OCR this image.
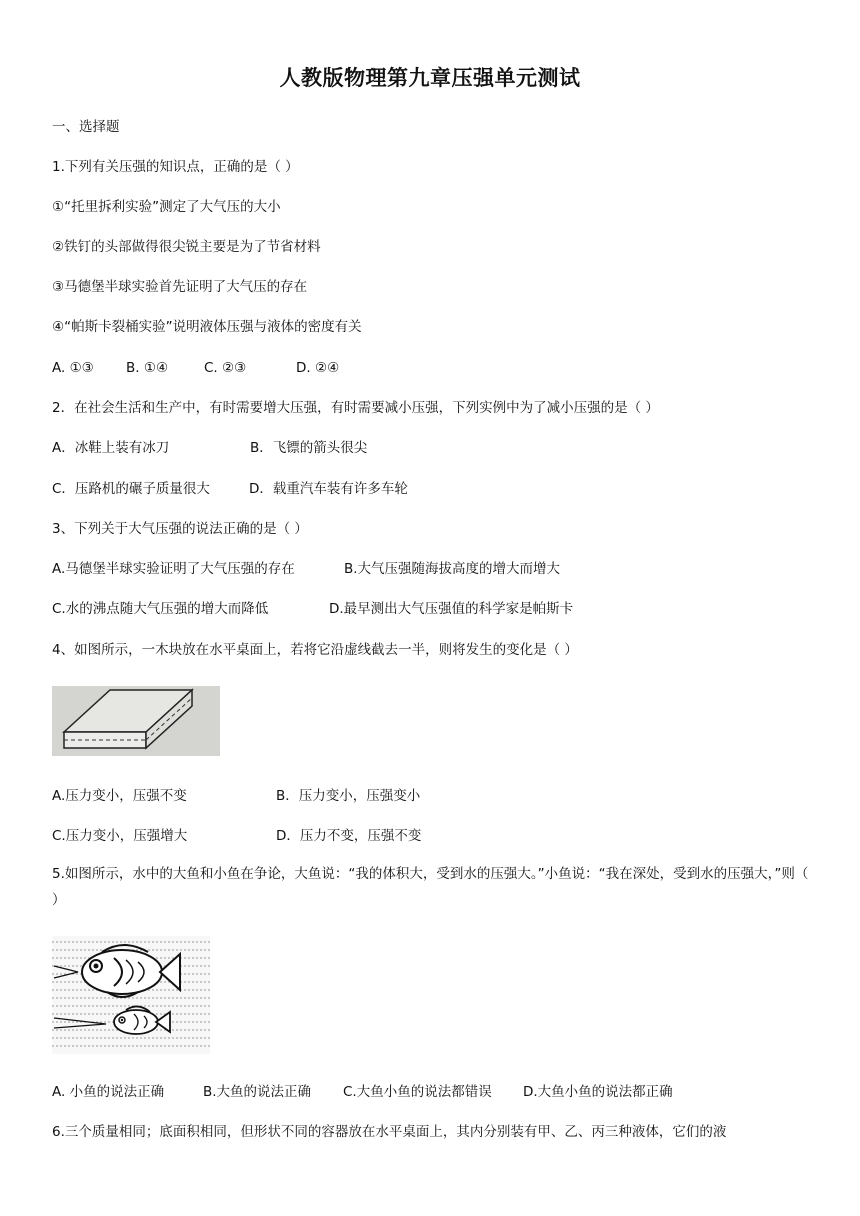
人教版物理第九章压强单元测试
一、选择题
1.下列有关压强的知识点，正确的是（ ）
①“托里拆利实验”测定了大气压的大小
②铁钉的头部做得很尖锐主要是为了节省材料
③马德堡半球实验首先证明了大气压的存在
④“帕斯卡裂桶实验”说明液体压强与液体的密度有关
A. ①③ B. ①④	C. ②③	D. ②④
2．在社会生活和生产中，有时需要增大压强，有时需要减小压强，下列实例中为了减小压强的是（ ）
A．冰鞋上装有冰刀	B．飞镖的箭头很尖
C．压路机的碾子质量很大	D．载重汽车装有许多车轮
3、下列关于大气压强的说法正确的是（ ）
A.马德堡半球实验证明了大气压强的存在	B.大气压强随海拔高度的增大而增大
C.水的沸点随大气压强的增大而降低	D.最早测出大气压强值的科学家是帕斯卡
4、如图所示，一木块放在水平桌面上，若将它沿虚线截去一半，则将发生的变化是（ ）
A.压力变小，压强不变	B．压力变小，压强变小
C.压力变小，压强增大	D．压力不变，压强不变
5.如图所示，水中的大鱼和小鱼在争论，大鱼说：“我的体积大，受到水的压强大。”小鱼说：“我在深处，受到水的压强大，”则（ ）
A. 小鱼的说法正确	B.大鱼的说法正确 C.大鱼小鱼的说法都错误 D.大鱼小鱼的说法都正确
6.三个质量相同；底面积相同，但形状不同的容器放在水平桌面上，其内分别装有甲、乙、丙三种液体，它们的液
